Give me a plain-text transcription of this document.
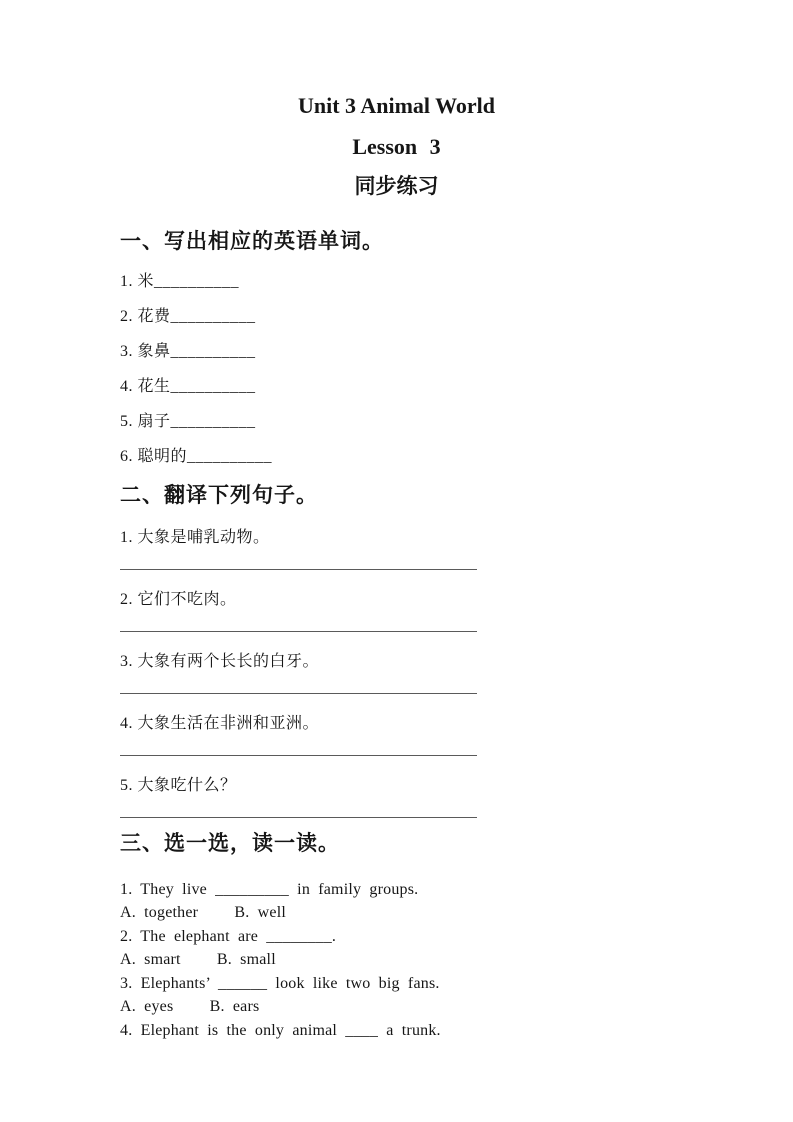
Unit 3 Animal World
Lesson 3
同步练习
一、写出相应的英语单词。
1. 米__________
2. 花费__________
3. 象鼻__________
4. 花生__________
5. 扇子__________
6. 聪明的__________
二、翻译下列句子。
1. 大象是哺乳动物。
2. 它们不吃肉。
3. 大象有两个长长的白牙。
4. 大象生活在非洲和亚洲。
5. 大象吃什么？
三、选一选，读一读。
1. They live _________ in family groups.
A. together B. well
2. The elephant are ________.
A. smart B. small
3. Elephants’ ______ look like two big fans.
A. eyes B. ears
4. Elephant is the only animal ____ a trunk.
